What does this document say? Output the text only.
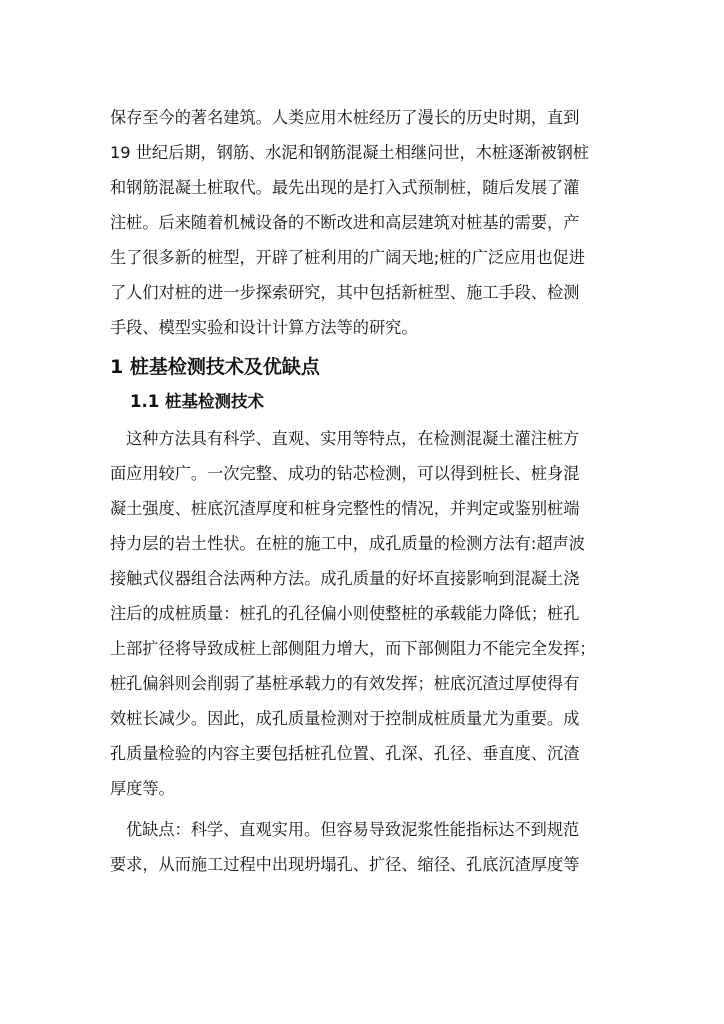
保存至今的著名建筑。人类应用木桩经历了漫长的历史时期，直到
19 世纪后期，钢筋、水泥和钢筋混凝土相继问世，木桩逐渐被钢桩
和钢筋混凝土桩取代。最先出现的是打入式预制桩，随后发展了灌
注桩。后来随着机械设备的不断改进和高层建筑对桩基的需要，产
生了很多新的桩型，开辟了桩利用的广阔天地;桩的广泛应用也促进
了人们对桩的进一步探索研究，其中包括新桩型、施工手段、检测
手段、模型实验和设计计算方法等的研究。
1 桩基检测技术及优缺点
1.1 桩基检测技术
这种方法具有科学、直观、实用等特点，在检测混凝土灌注桩方
面应用较广。一次完整、成功的钻芯检测，可以得到桩长、桩身混
凝土强度、桩底沉渣厚度和桩身完整性的情况，并判定或鉴别桩端
持力层的岩土性状。在桩的施工中，成孔质量的检测方法有:超声波
接触式仪器组合法两种方法。成孔质量的好坏直接影响到混凝土浇
注后的成桩质量：桩孔的孔径偏小则使整桩的承载能力降低；桩孔
上部扩径将导致成桩上部侧阻力增大，而下部侧阻力不能完全发挥；
桩孔偏斜则会削弱了基桩承载力的有效发挥；桩底沉渣过厚使得有
效桩长减少。因此，成孔质量检测对于控制成桩质量尤为重要。成
孔质量检验的内容主要包括桩孔位置、孔深、孔径、垂直度、沉渣
厚度等。
优缺点：科学、直观实用。但容易导致泥浆性能指标达不到规范
要求，从而施工过程中出现坍塌孔、扩径、缩径、孔底沉渣厚度等
